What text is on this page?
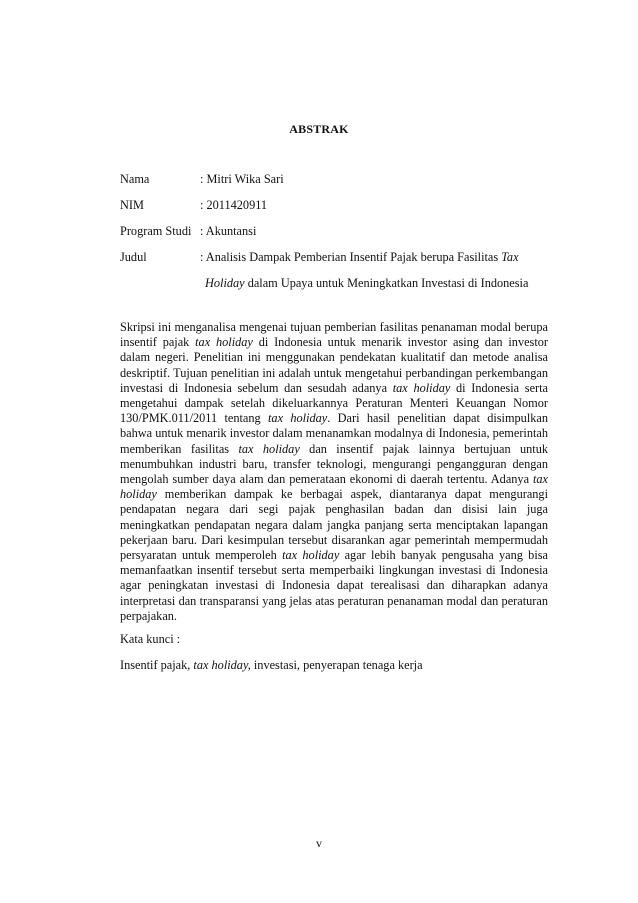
ABSTRAK
Nama	: Mitri Wika Sari
NIM	: 2011420911
Program Studi : Akuntansi
Judul	: Analisis Dampak Pemberian Insentif Pajak berupa Fasilitas Tax
Holiday dalam Upaya untuk Meningkatkan Investasi di Indonesia

Skripsi ini menganalisa mengenai tujuan pemberian fasilitas penanaman modal berupa insentif pajak tax holiday di Indonesia untuk menarik investor asing dan investor dalam negeri. Penelitian ini menggunakan pendekatan kualitatif dan metode analisa deskriptif. Tujuan penelitian ini adalah untuk mengetahui perbandingan perkembangan investasi di Indonesia sebelum dan sesudah adanya tax holiday di Indonesia serta mengetahui dampak setelah dikeluarkannya Peraturan Menteri Keuangan Nomor 130/PMK.011/2011 tentang tax holiday. Dari hasil penelitian dapat disimpulkan bahwa untuk menarik investor dalam menanamkan modalnya di Indonesia, pemerintah memberikan fasilitas tax holiday dan insentif pajak lainnya bertujuan untuk menumbuhkan industri baru, transfer teknologi, mengurangi pengangguran dengan mengolah sumber daya alam dan pemerataan ekonomi di daerah tertentu. Adanya tax holiday memberikan dampak ke berbagai aspek, diantaranya dapat mengurangi pendapatan negara dari segi pajak penghasilan badan dan disisi lain juga meningkatkan pendapatan negara dalam jangka panjang serta menciptakan lapangan pekerjaan baru. Dari kesimpulan tersebut disarankan agar pemerintah mempermudah persyaratan untuk memperoleh tax holiday agar lebih banyak pengusaha yang bisa memanfaatkan insentif tersebut serta memperbaiki lingkungan investasi di Indonesia agar peningkatan investasi di Indonesia dapat terealisasi dan diharapkan adanya interpretasi dan transparansi yang jelas atas peraturan penanaman modal dan peraturan perpajakan.

Kata kunci :
Insentif pajak, tax holiday, investasi, penyerapan tenaga kerja
v
